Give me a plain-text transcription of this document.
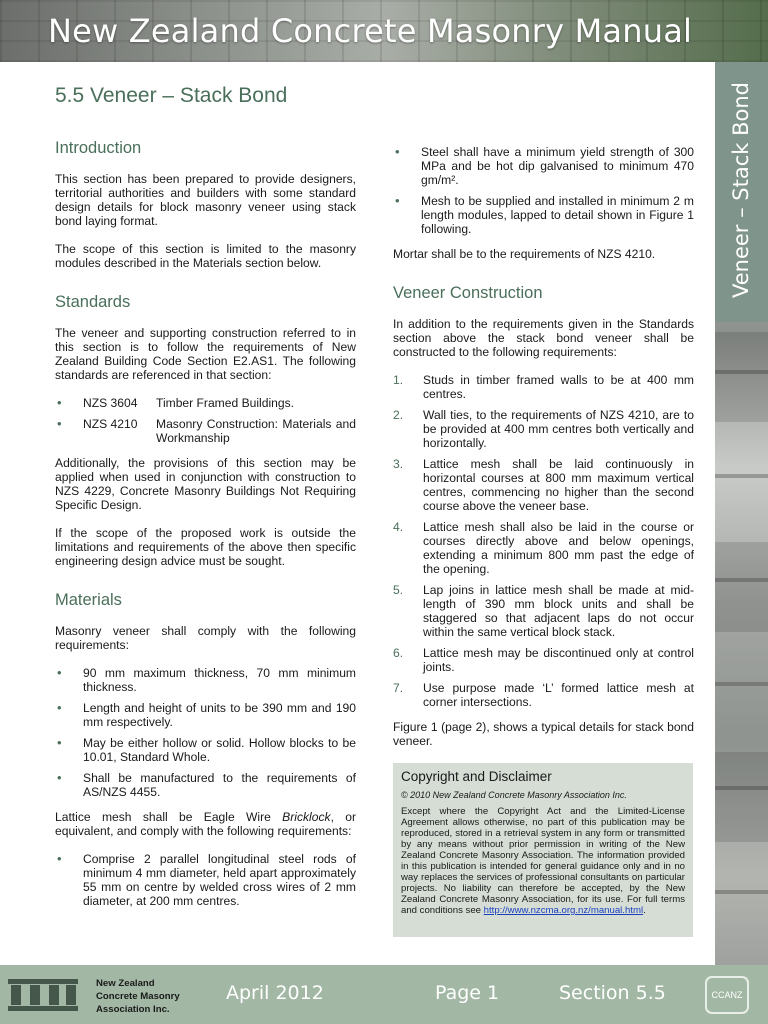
New Zealand Concrete Masonry Manual
Veneer – Stack Bond
5.5 Veneer – Stack Bond
Introduction

This section has been prepared to provide designers, territorial authorities and builders with some standard design details for block masonry veneer using stack bond laying format.

The scope of this section is limited to the masonry modules described in the Materials section below.

Standards

The veneer and supporting construction referred to in this section is to follow the requirements of New Zealand Building Code Section E2.AS1. The following standards are referenced in that section:

• NZS 3604	Timber Framed Buildings.
• NZS 4210	Masonry Construction: Materials and Workmanship

Additionally, the provisions of this section may be applied when used in conjunction with construction to NZS 4229, Concrete Masonry Buildings Not Requiring Specific Design.

If the scope of the proposed work is outside the limitations and requirements of the above then specific engineering design advice must be sought.

Materials

Masonry veneer shall comply with the following requirements:

• 90 mm maximum thickness, 70 mm minimum thickness.
• Length and height of units to be 390 mm and 190 mm respectively.
• May be either hollow or solid. Hollow blocks to be 10.01, Standard Whole.
• Shall be manufactured to the requirements of AS/NZS 4455.

Lattice mesh shall be Eagle Wire Bricklock, or equivalent, and comply with the following requirements:

• Comprise 2 parallel longitudinal steel rods of minimum 4 mm diameter, held apart approximately 55 mm on centre by welded cross wires of 2 mm diameter, at 200 mm centres.
• Steel shall have a minimum yield strength of 300 MPa and be hot dip galvanised to minimum 470 gm/m².
• Mesh to be supplied and installed in minimum 2 m length modules, lapped to detail shown in Figure 1 following.

Mortar shall be to the requirements of NZS 4210.

Veneer Construction

In addition to the requirements given in the Standards section above the stack bond veneer shall be constructed to the following requirements:

1. Studs in timber framed walls to be at 400 mm centres.
2. Wall ties, to the requirements of NZS 4210, are to be provided at 400 mm centres both vertically and horizontally.
3. Lattice mesh shall be laid continuously in horizontal courses at 800 mm maximum vertical centres, commencing no higher than the second course above the veneer base.
4. Lattice mesh shall also be laid in the course or courses directly above and below openings, extending a minimum 800 mm past the edge of the opening.
5. Lap joins in lattice mesh shall be made at mid-length of 390 mm block units and shall be staggered so that adjacent laps do not occur within the same vertical block stack.
6. Lattice mesh may be discontinued only at control joints.
7. Use purpose made ‘L’ formed lattice mesh at corner intersections.

Figure 1 (page 2), shows a typical details for stack bond veneer.

Copyright and Disclaimer
© 2010 New Zealand Concrete Masonry Association Inc.
Except where the Copyright Act and the Limited-License Agreement allows otherwise, no part of this publication may be reproduced, stored in a retrieval system in any form or transmitted by any means without prior permission in writing of the New Zealand Concrete Masonry Association. The information provided in this publication is intended for general guidance only and in no way replaces the services of professional consultants on particular projects. No liability can therefore be accepted, by the New Zealand Concrete Masonry Association, for its use. For full terms and conditions see http://www.nzcma.org.nz/manual.html.
New Zealand
Concrete Masonry
Association Inc.
April 2012	Page 1	Section 5.5	CCANZ
